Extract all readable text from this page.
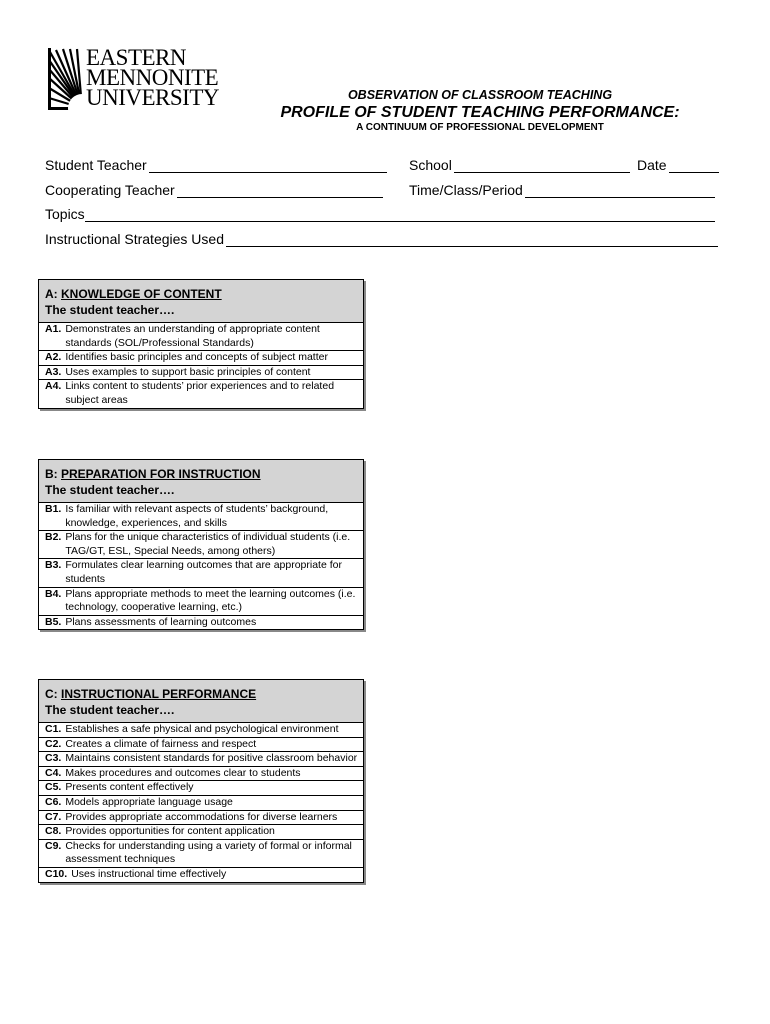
EASTERN
MENNONITE
UNIVERSITY	OBSERVATION OF CLASSROOM TEACHING
PROFILE OF STUDENT TEACHING PERFORMANCE:
A CONTINUUM OF PROFESSIONAL DEVELOPMENT
Student Teacher	School	Date
Cooperating Teacher	Time/Class/Period
Topics
Instructional Strategies Used
A: KNOWLEDGE OF CONTENT
The student teacher….
A1. Demonstrates an understanding of appropriate content standards (SOL/Professional Standards)
A2. Identifies basic principles and concepts of subject matter
A3. Uses examples to support basic principles of content
A4. Links content to students’ prior experiences and to related subject areas
B: PREPARATION FOR INSTRUCTION
The student teacher….
B1. Is familiar with relevant aspects of students’ background, knowledge, experiences, and skills
B2. Plans for the unique characteristics of individual students (i.e. TAG/GT, ESL, Special Needs, among others)
B3. Formulates clear learning outcomes that are appropriate for students
B4. Plans appropriate methods to meet the learning outcomes (i.e. technology, cooperative learning, etc.)
B5. Plans assessments of learning outcomes
C: INSTRUCTIONAL PERFORMANCE
The student teacher….
C1. Establishes a safe physical and psychological environment
C2. Creates a climate of fairness and respect
C3. Maintains consistent standards for positive classroom behavior
C4. Makes procedures and outcomes clear to students
C5. Presents content effectively
C6. Models appropriate language usage
C7. Provides appropriate accommodations for diverse learners
C8. Provides opportunities for content application
C9. Checks for understanding using a variety of formal or informal assessment techniques
C10. Uses instructional time effectively
